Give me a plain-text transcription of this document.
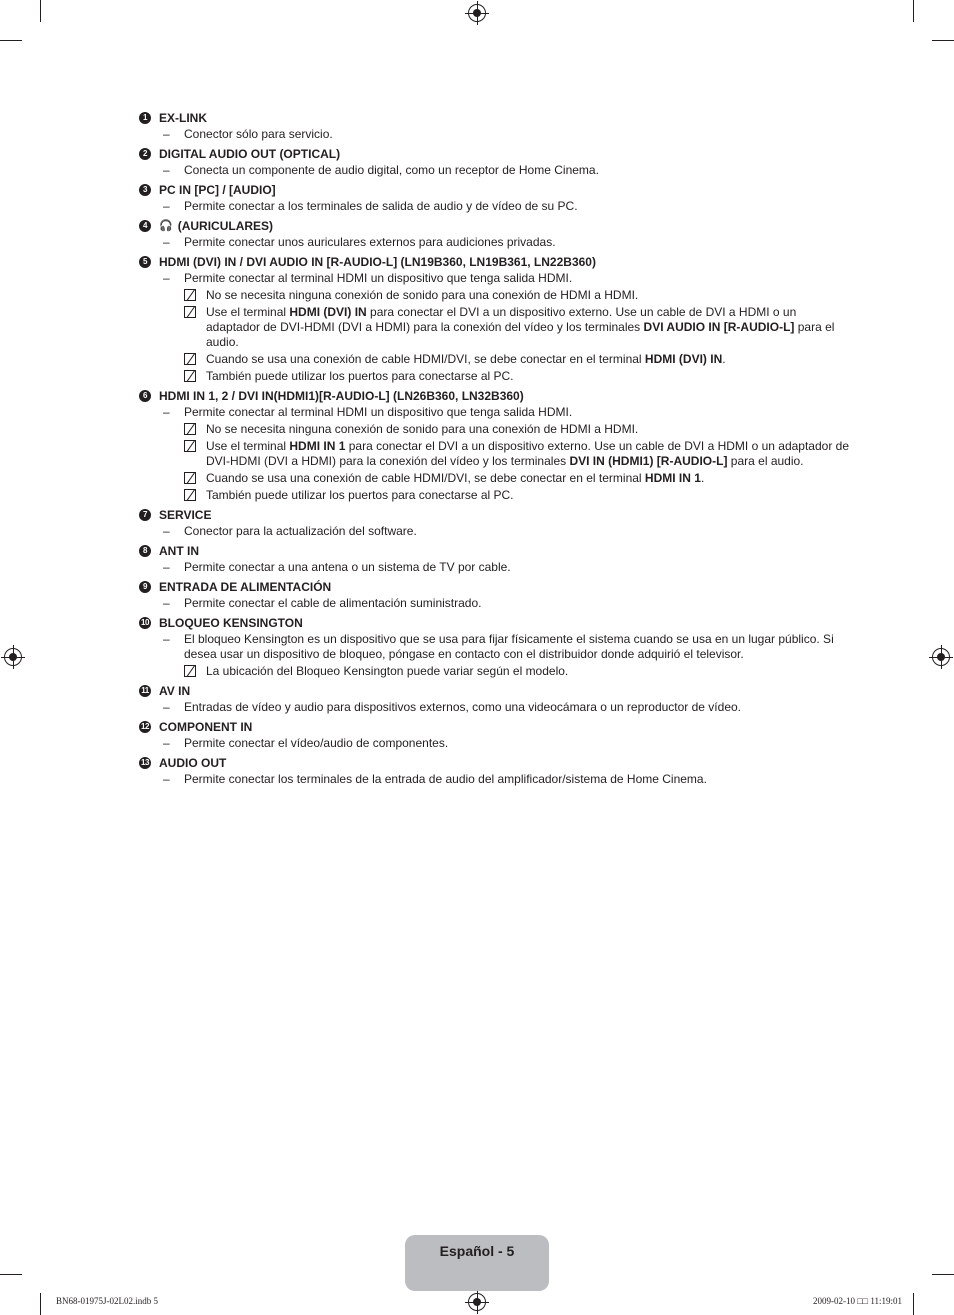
1	EX-LINK
–	Conector sólo para servicio.
2	DIGITAL AUDIO OUT (OPTICAL)
–	Conecta un componente de audio digital, como un receptor de Home Cinema.
3	PC IN [PC] / [AUDIO]
–	Permite conectar a los terminales de salida de audio y de vídeo de su PC.
4	🎧 (AURICULARES)
–	Permite conectar unos auriculares externos para audiciones privadas.
5	HDMI (DVI) IN / DVI AUDIO IN [R-AUDIO-L] (LN19B360, LN19B361, LN22B360)
–	Permite conectar al terminal HDMI un dispositivo que tenga salida HDMI.
No se necesita ninguna conexión de sonido para una conexión de HDMI a HDMI.
Use el terminal HDMI (DVI) IN para conectar el DVI a un dispositivo externo. Use un cable de DVI a HDMI o un adaptador de DVI-HDMI (DVI a HDMI) para la conexión del vídeo y los terminales DVI AUDIO IN [R-AUDIO-L] para el audio.
Cuando se usa una conexión de cable HDMI/DVI, se debe conectar en el terminal HDMI (DVI) IN.
También puede utilizar los puertos para conectarse al PC.
6	HDMI IN 1, 2 / DVI IN(HDMI1)[R-AUDIO-L] (LN26B360, LN32B360)
–	Permite conectar al terminal HDMI un dispositivo que tenga salida HDMI.
No se necesita ninguna conexión de sonido para una conexión de HDMI a HDMI.
Use el terminal HDMI IN 1 para conectar el DVI a un dispositivo externo. Use un cable de DVI a HDMI o un adaptador de DVI-HDMI (DVI a HDMI) para la conexión del vídeo y los terminales DVI IN (HDMI1) [R-AUDIO-L] para el audio.
Cuando se usa una conexión de cable HDMI/DVI, se debe conectar en el terminal HDMI IN 1.
También puede utilizar los puertos para conectarse al PC.
7	SERVICE
–	Conector para la actualización del software.
8	ANT IN
–	Permite conectar a una antena o un sistema de TV por cable.
9	ENTRADA DE ALIMENTACIÓN
–	Permite conectar el cable de alimentación suministrado.
10 BLOQUEO KENSINGTON
–	El bloqueo Kensington es un dispositivo que se usa para fijar físicamente el sistema cuando se usa en un lugar público. Si desea usar un dispositivo de bloqueo, póngase en contacto con el distribuidor donde adquirió el televisor.
La ubicación del Bloqueo Kensington puede variar según el modelo.
11 AV IN
–	Entradas de vídeo y audio para dispositivos externos, como una videocámara o un reproductor de vídeo.
12 COMPONENT IN
–	Permite conectar el vídeo/audio de componentes.
13 AUDIO OUT
–	Permite conectar los terminales de la entrada de audio del amplificador/sistema de Home Cinema.
Español - 5
BN68-01975J-02L02.indb 5	2009-02-10 □□ 11:19:01
